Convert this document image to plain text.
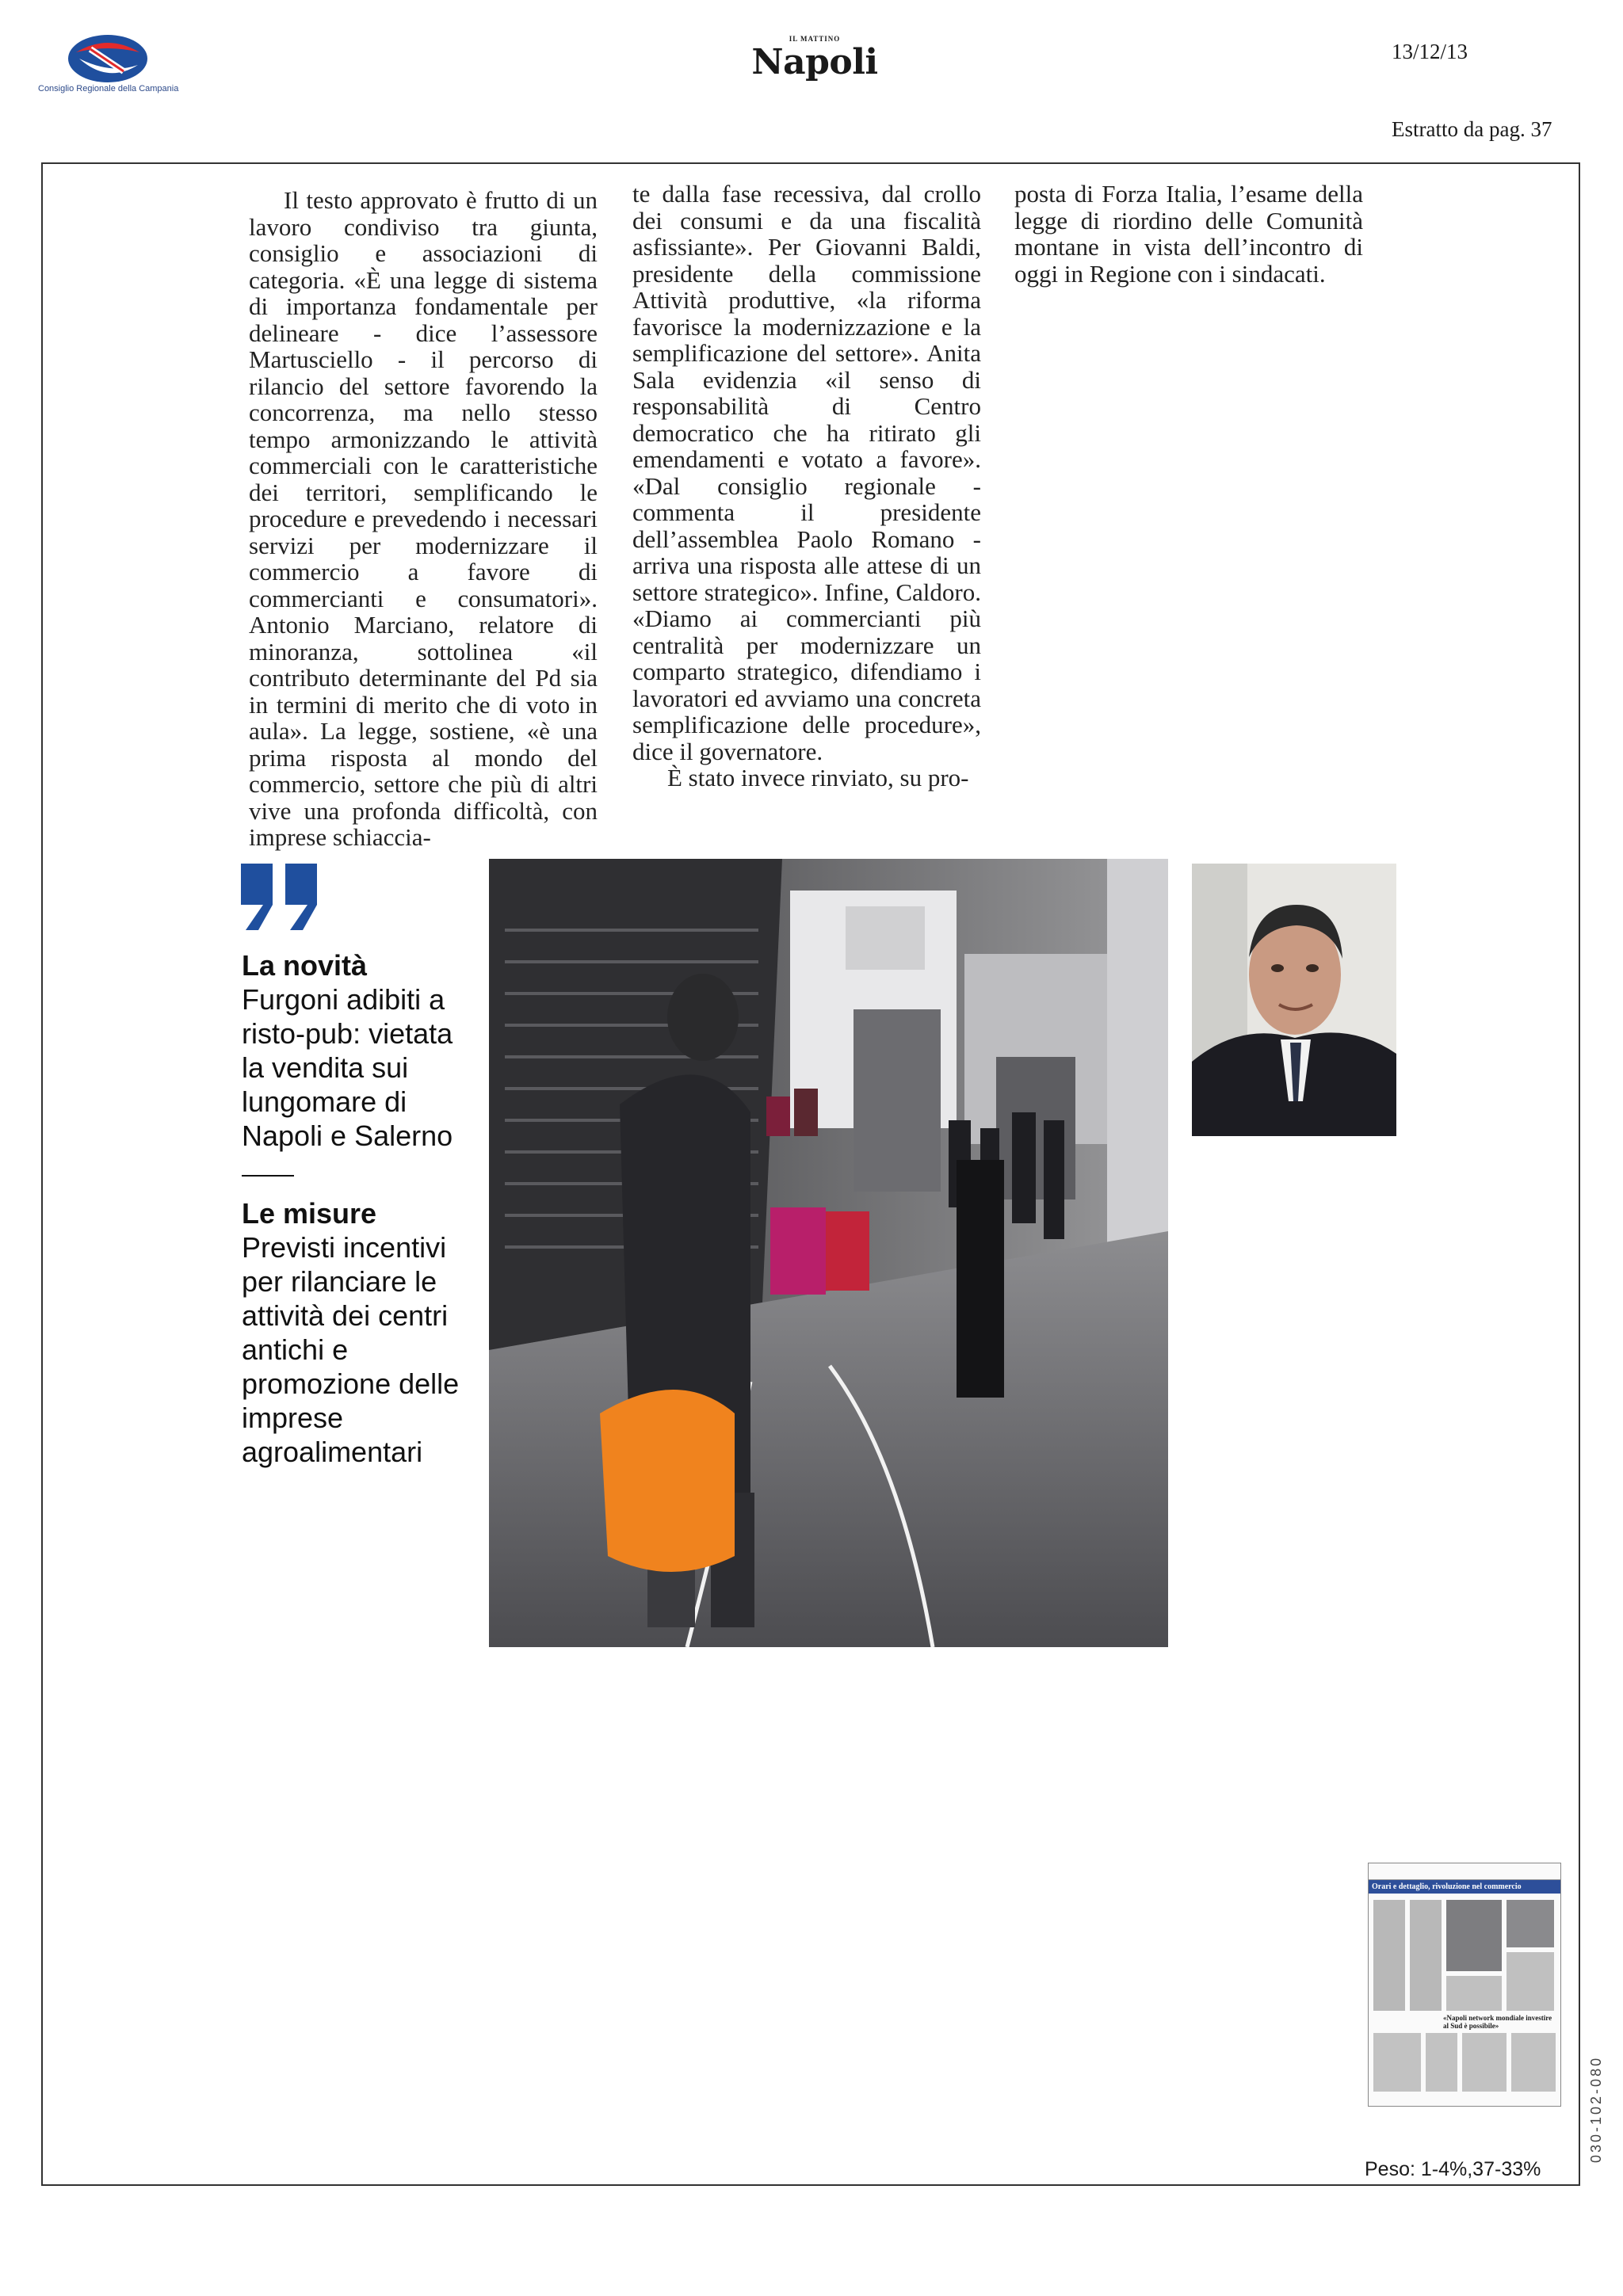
Consiglio Regionale della Campania
IL MATTINO
Napoli	13/12/13
Estratto da pag. 37

Il testo approvato è frutto di un lavoro condiviso tra giunta, consiglio e associazioni di categoria. «È una legge di sistema di importanza fondamentale per delineare - dice l’assessore Martusciello - il percorso di rilancio del settore favorendo la concorrenza, ma nello stesso tempo armonizzando le attività commerciali con le caratteristiche dei territori, semplificando le procedure e prevedendo i necessari servizi per modernizzare il commercio a favore di commercianti e consumatori». Antonio Marciano, relatore di minoranza, sottolinea «il contributo determinante del Pd sia in termini di merito che di voto in aula». La legge, sostiene, «è una prima risposta al mondo del commercio, settore che più di altri vive una profonda difficoltà, con imprese schiaccia-

te dalla fase recessiva, dal crollo dei consumi e da una fiscalità asfissiante». Per Giovanni Baldi, presidente della commissione Attività produttive, «la riforma favorisce la modernizzazione e la semplificazione del settore». Anita Sala evidenzia «il senso di responsabilità di Centro democratico che ha ritirato gli emendamenti e votato a favore». «Dal consiglio regionale - commenta il presidente dell’assemblea Paolo Romano - arriva una risposta alle attese di un settore strategico». Infine, Caldoro. «Diamo ai commercianti più centralità per modernizzare un comparto strategico, difendiamo i lavoratori ed avviamo una concreta semplificazione delle procedure», dice il governatore.

È stato invece rinviato, su pro-

posta di Forza Italia, l’esame della legge di riordino delle Comunità montane in vista dell’incontro di oggi in Regione con i sindacati.

La novità
Furgoni adibiti a risto-pub: vietata la vendita sui lungomare di Napoli e Salerno
Le misure
Previsti incentivi per rilanciare le attività dei centri antichi e promozione delle imprese agroalimentari
Orari e dettaglio, rivoluzione nel commercio
«Napoli network mondiale investire al Sud è possibile»
Peso: 1-4%,37-33%
030-102-080
